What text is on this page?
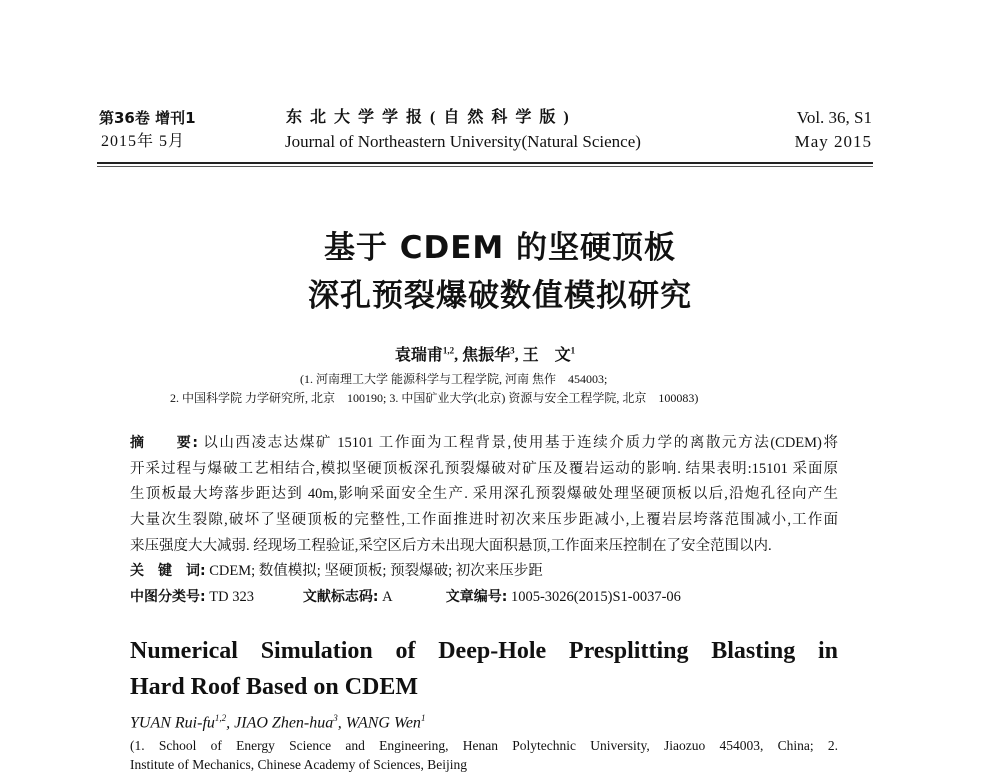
第36卷 增刊1
2015年 5月
东 北 大 学 学 报 ( 自 然 科 学 版 )
Journal of Northeastern University(Natural Science)
Vol. 36, S1
May 2015
基于 CDEM 的坚硬顶板
深孔预裂爆破数值模拟研究
袁瑞甫$^{1,2}$, 焦振华$^3$, 王　文$^1$
(1. 河南理工大学 能源科学与工程学院, 河南 焦作　454003;
2. 中国科学院 力学研究所, 北京　100190; 3. 中国矿业大学(北京) 资源与安全工程学院, 北京　100083)
摘　　要: 以山西凌志达煤矿 15101 工作面为工程背景,使用基于连续介质力学的离散元方法(CDEM)将
开采过程与爆破工艺相结合,模拟坚硬顶板深孔预裂爆破对矿压及覆岩运动的影响. 结果表明:15101 采面原
生顶板最大垮落步距达到 40m,影响采面安全生产. 采用深孔预裂爆破处理坚硬顶板以后,沿炮孔径向产生
大量次生裂隙,破坏了坚硬顶板的完整性,工作面推进时初次来压步距减小,上覆岩层垮落范围减小,工作面
来压强度大大减弱. 经现场工程验证,采空区后方未出现大面积悬顶,工作面来压控制在了安全范围以内.
关　键　词: CDEM; 数值模拟; 坚硬顶板; 预裂爆破; 初次来压步距
中图分类号: TD 323	文献标志码: A	文章编号: 1005-3026(2015)S1-0037-06
Numerical Simulation of Deep-Hole Presplitting Blasting in
Hard Roof Based on CDEM
YUAN Rui-fu$^{1,2}$, JIAO Zhen-hua$^3$, WANG Wen$^1$
(1. School of Energy Science and Engineering, Henan Polytechnic University, Jiaozuo 454003, China; 2.
Institute of Mechanics, Chinese Academy of Sciences, Beijing
